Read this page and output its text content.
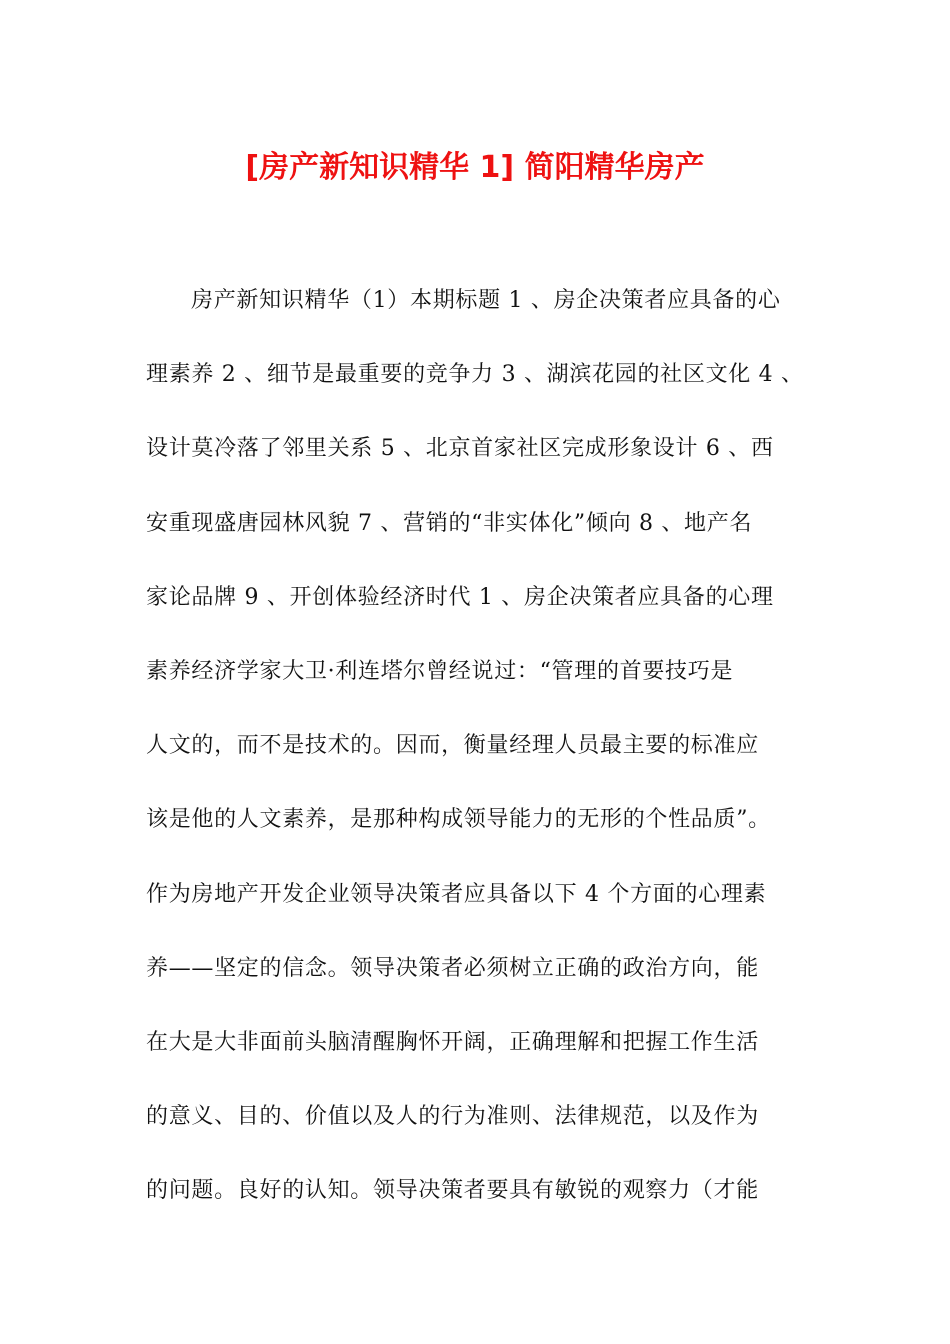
[房产新知识精华 1] 简阳精华房产
房产新知识精华（1）本期标题 1 、房企决策者应具备的心
理素养 2 、细节是最重要的竞争力 3 、湖滨花园的社区文化 4 、
设计莫冷落了邻里关系 5 、北京首家社区完成形象设计 6 、西
安重现盛唐园林风貌 7 、营销的“非实体化”倾向 8 、地产名
家论品牌 9 、开创体验经济时代 1 、房企决策者应具备的心理
素养经济学家大卫·利连塔尔曾经说过：“管理的首要技巧是
人文的，而不是技术的。因而，衡量经理人员最主要的标准应
该是他的人文素养，是那种构成领导能力的无形的个性品质”。
作为房地产开发企业领导决策者应具备以下 4 个方面的心理素
养——坚定的信念。领导决策者必须树立正确的政治方向，能
在大是大非面前头脑清醒胸怀开阔，正确理解和把握工作生活
的意义、目的、价值以及人的行为准则、法律规范，以及作为
的问题。良好的认知。领导决策者要具有敏锐的观察力（才能
